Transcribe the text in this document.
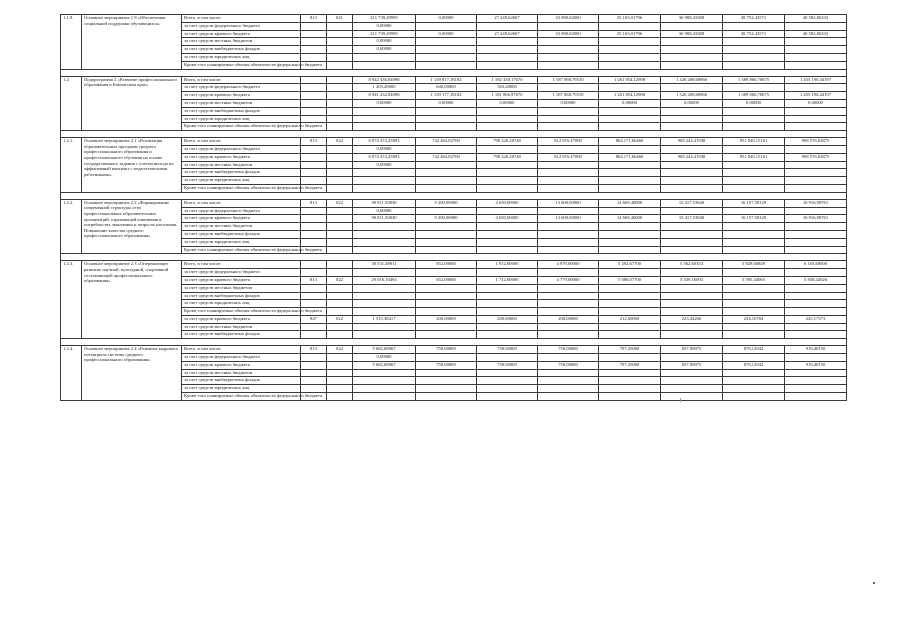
1.1.9.	Основное мероприятие 1.9 «Обеспечение социальной поддержки обучающихся»	Всего, в том числе:	813	021	211 739,29995	0,00000	27 249,62607	33 080,02000	35 165,01796	36 908,43388	38 752,43571	40 582,86333
		за счет средств федерального бюджета			0,00000							
		за счет средств краевого бюджета			211 739,29995	0,00000	27 249,62607	33 080,02000	35 165,01796	36 908,43388	38 752,43571	40 582,86333
		за счет средств местных бюджетов			0,00000							
		за счет средств внебюджетных фондов			0,00000							
		за счет средств юридических лиц										
		Кроме того планируемые объемы обязательств федерального бюджета										

1.2.	Подпрограмма 2 «Развитие профессионального образования в Камчатском крае»	Всего, в том числе:			8 942 436,84098	1 139 817,18182	1 182 430,17670	1 187 068,79510	1 261 854,12908	1 326 208,68966	1 389 866,70675	1 455 190,44197
		за счет средств федерального бюджета			1 203,20000	640,00000	563,20000					
		за счет средств краевого бюджета			8 941 232,84098	1 139 177,18182	1 181 866,97670	1 187 068,79510	1 261 854,12908	1 326 208,68966	1 389 866,70675	1 455 190,44197
		за счет средств местных бюджетов			0,00000	0,00000	0,00000	0,00000	0,00000	0,00000	0,00000	0,00000
		за счет средств внебюджетных фондов										
		за счет средств юридических лиц										
		Кроме того планируемые объемы обязательств федерального бюджета										

1.2.1.	Основное мероприятие 2.1 «Реализация образовательных программ среднего профессионального образования и профессионального обучения на основе государственного задания с учетом выхода на эффективный контракт с педагогическими работниками»	Всего, в том числе:	813	022	6 074 472,45892	742 463,82700	798 220,28748	812 955,47000	864 171,66460	908 244,41948	951 840,15161	996 576,63875
		за счет средств федерального бюджета			0,00000							
		за счет средств краевого бюджета			6 074 472,45892	742 463,82700	798 220,28748	812 955,47000	864 171,66460	908 244,41948	951 840,15161	996 576,63875
		за счет средств местных бюджетов			0,00000							
		за счет средств внебюджетных фондов										
		за счет средств юридических лиц										
		Кроме того планируемые объемы обязательств федерального бюджета										

1.2.2.	Основное мероприятие 2.2 «Формирование современной структуры сети профессиональных образовательных организаций, отражающей изменения в потребностях экономики и запросах населения. Повышение качества среднего профессионального образования»	Всего, в том числе:	813	022	90 811,50830	9 200,00000	4 650,00000	13 600,00000	14 669,40000	15 417,53940	16 157,58129	16 916,98761
		за счет средств федерального бюджета			0,00000							
		за счет средств краевого бюджета			90 811,50830	9 200,00000	4 650,00000	13 600,00000	14 669,40000	15 417,53940	16 157,58129	16 916,98761
		за счет средств местных бюджетов										
		за счет средств внебюджетных фондов										
		за счет средств юридических лиц										
		Кроме того планируемые объемы обязательств федерального бюджета										

1.2.3.	Основное мероприятие 2.3 «Опережающее развитие научной, культурной, спортивной составляющей профессионального образования»	Всего, в том числе:			30 531,48911	852,00000	1 912,00000	4 979,00000	5 292,67700	5 562,60353	5 829,60849	6 103,60000
		за счет средств федерального бюджета										
		за счет средств краевого бюджета	813	022	29 016,10494	652,00000	1 712,00000	4 779,00000	5 080,07700	5 339,16093	5 595,44065	5 858,42626
		за счет средств местных бюджетов										
		за счет средств внебюджетных фондов										
		за счет средств юридических лиц										
		Кроме того планируемые объемы обязательств федерального бюджета										
		за счет средств краевого бюджета	847	022	1 515,38417	200,00000	200,00000	200,00000	212,60000	223,44260	234,16784	245,17373
		за счет средств местных бюджетов										
		за счет средств внебюджетных фондов										

1.2.4.	Основное мероприятие 2.4 «Развитие кадрового потенциала системы среднего профессионального образования»	Всего, в том числе:	813	022	5 682,69067	750,00000	750,00000	750,00000	797,25000	837,90975	878,12942	919,40150
		за счет средств федерального бюджета			0,00000							
		за счет средств краевого бюджета			5 682,69067	750,00000	750,00000	750,00000	797,25000	837,90975	878,12942	919,40150
		за счет средств местных бюджетов										
		за счет средств внебюджетных фондов										
		за счет средств юридических лиц										
		Кроме того планируемые объемы обязательств федерального бюджета										
